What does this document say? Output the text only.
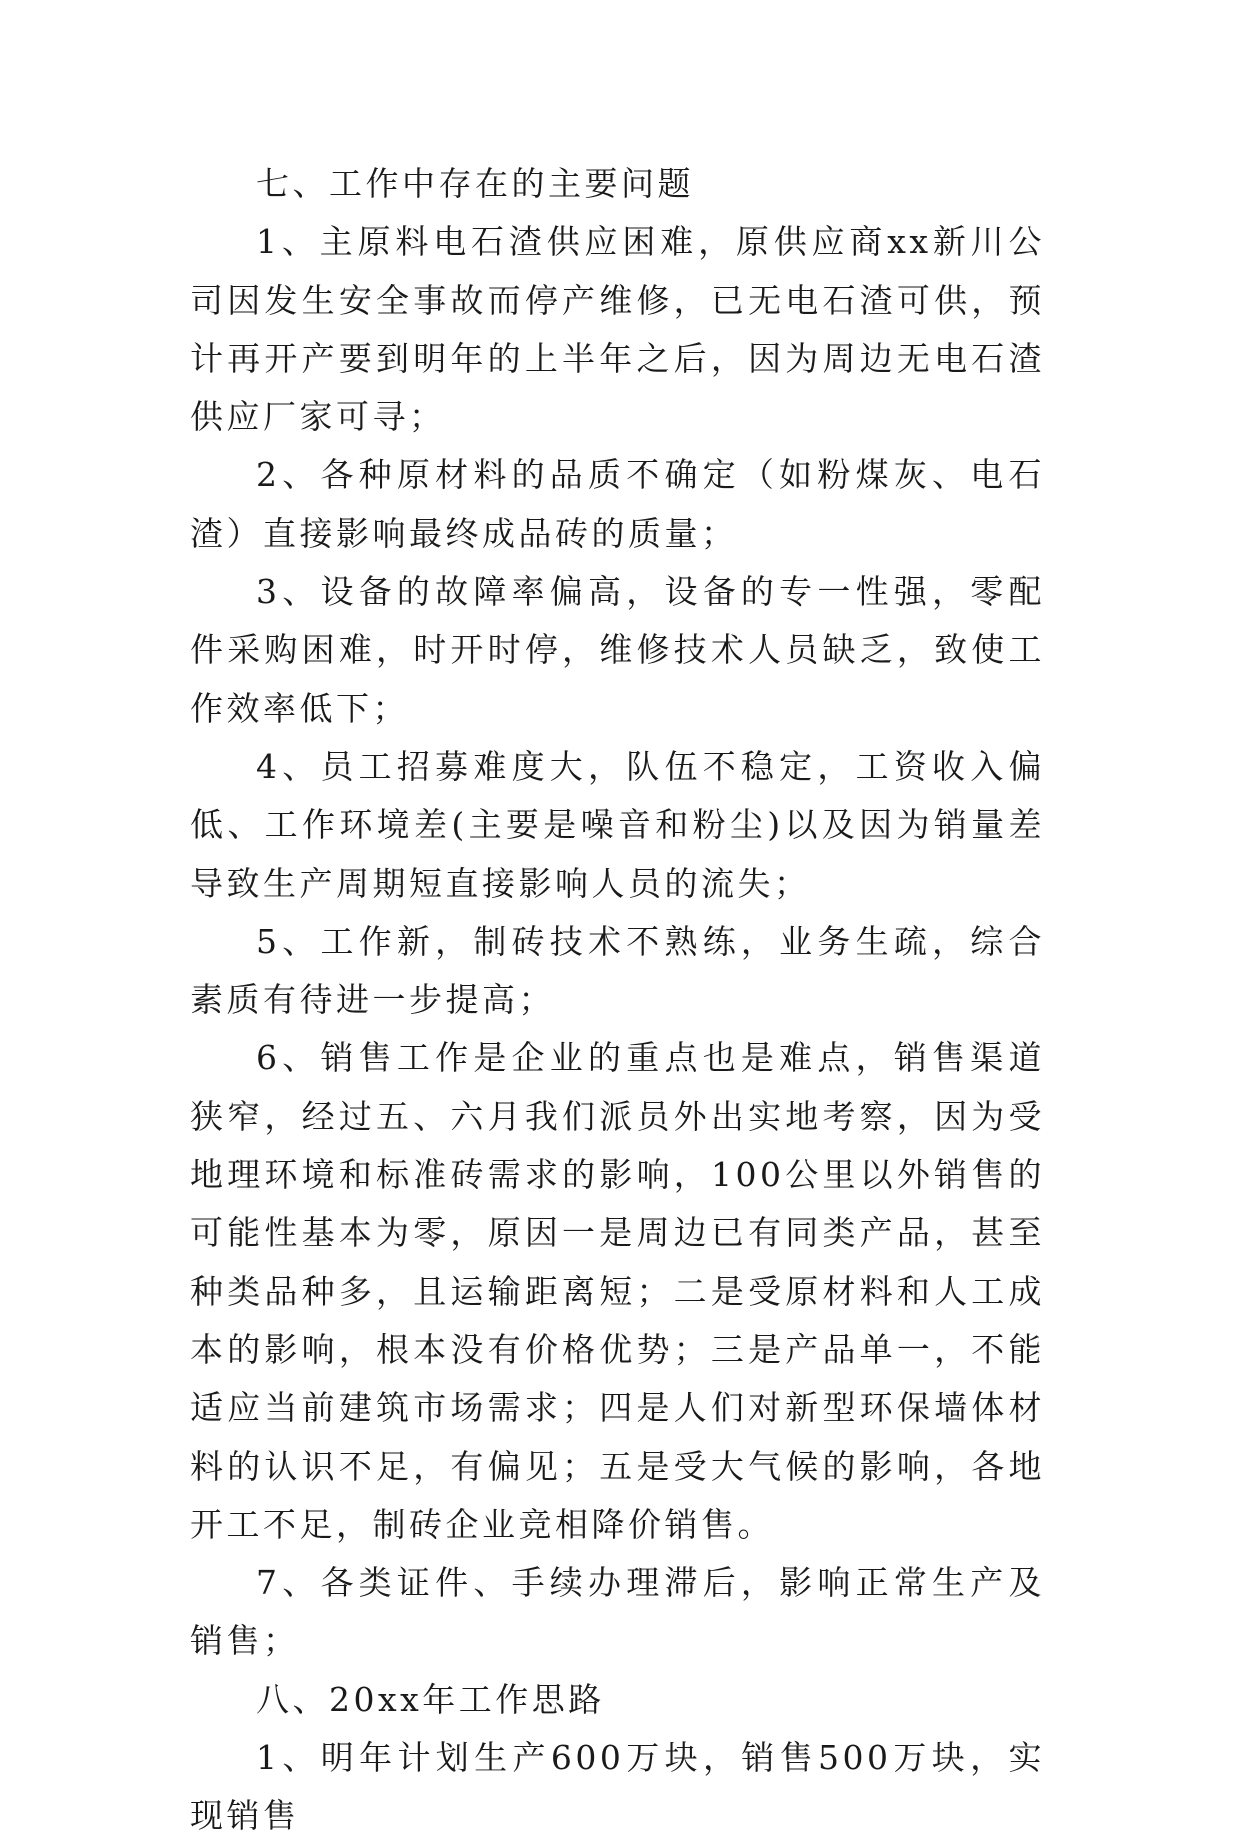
七、工作中存在的主要问题

1、主原料电石渣供应困难，原供应商xx新川公司因发生安全事故而停产维修，已无电石渣可供，预计再开产要到明年的上半年之后，因为周边无电石渣供应厂家可寻；

2、各种原材料的品质不确定（如粉煤灰、电石渣）直接影响最终成品砖的质量；

3、设备的故障率偏高，设备的专一性强，零配件采购困难，时开时停，维修技术人员缺乏，致使工作效率低下；

4、员工招募难度大，队伍不稳定，工资收入偏低、工作环境差(主要是噪音和粉尘)以及因为销量差导致生产周期短直接影响人员的流失；

5、工作新，制砖技术不熟练，业务生疏，综合素质有待进一步提高；

6、销售工作是企业的重点也是难点，销售渠道狭窄，经过五、六月我们派员外出实地考察，因为受地理环境和标准砖需求的影响，100公里以外销售的可能性基本为零，原因一是周边已有同类产品，甚至种类品种多，且运输距离短；二是受原材料和人工成本的影响，根本没有价格优势；三是产品单一，不能适应当前建筑市场需求；四是人们对新型环保墙体材料的认识不足，有偏见；五是受大气候的影响，各地开工不足，制砖企业竞相降价销售。

7、各类证件、手续办理滞后，影响正常生产及销售；

八、20xx年工作思路

1、明年计划生产600万块，销售500万块，实现销售
